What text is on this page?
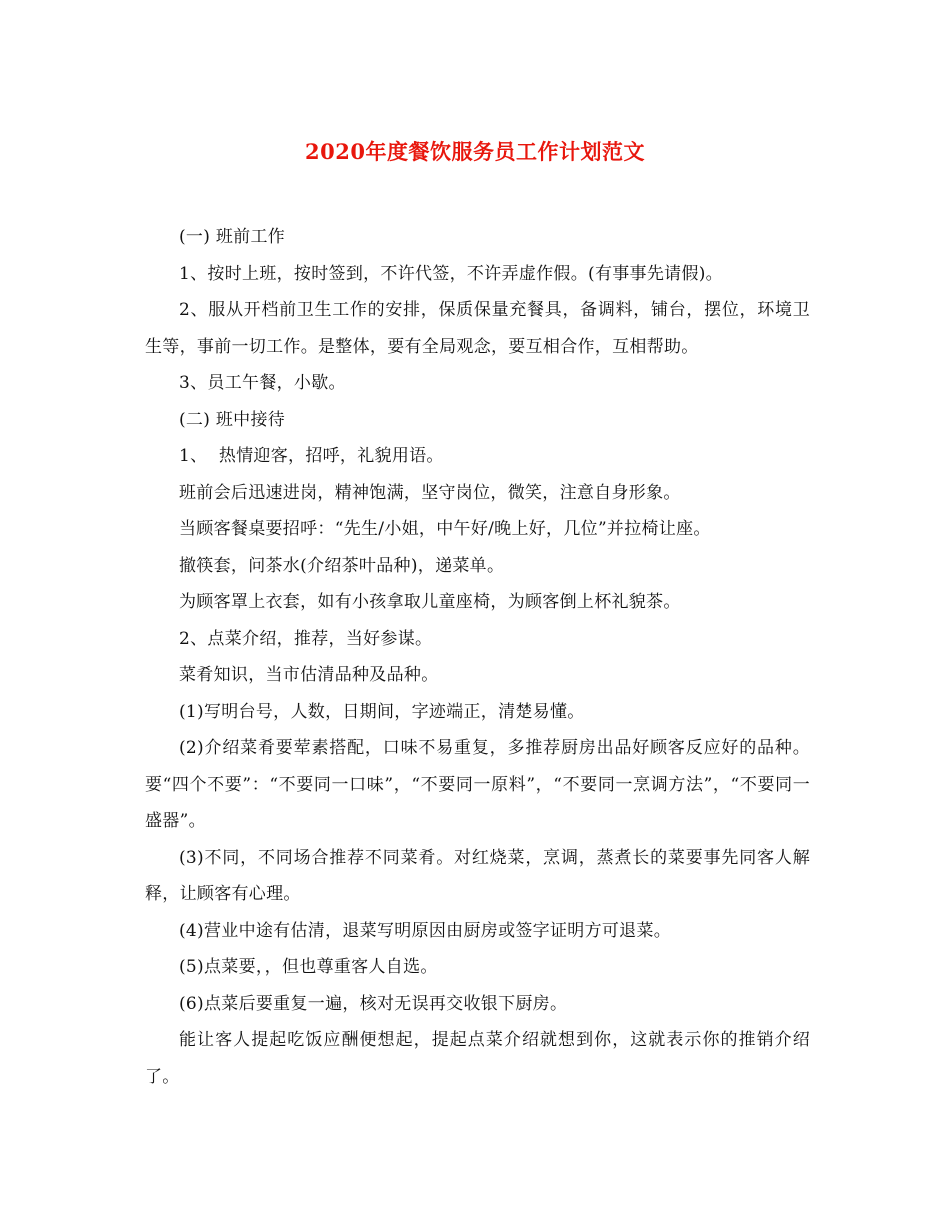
2020年度餐饮服务员工作计划范文

(一) 班前工作

1、按时上班，按时签到，不许代签，不许弄虚作假。(有事事先请假)。

2、服从开档前卫生工作的安排，保质保量充餐具，备调料，铺台，摆位，环境卫生等，事前一切工作。是整体，要有全局观念，要互相合作，互相帮助。

3、员工午餐，小歇。

(二) 班中接待

1、  热情迎客，招呼，礼貌用语。

班前会后迅速进岗，精神饱满，坚守岗位，微笑，注意自身形象。

当顾客餐桌要招呼：“先生/小姐，中午好/晚上好，几位”并拉椅让座。

撤筷套，问茶水(介绍茶叶品种)，递菜单。

为顾客罩上衣套，如有小孩拿取儿童座椅，为顾客倒上杯礼貌茶。

2、点菜介绍，推荐，当好参谋。

菜肴知识，当市估清品种及品种。

(1)写明台号，人数，日期间，字迹端正，清楚易懂。

(2)介绍菜肴要荤素搭配，口味不易重复，多推荐厨房出品好顾客反应好的品种。要“四个不要”：“不要同一口味”，“不要同一原料”，“不要同一烹调方法”，“不要同一盛器”。

(3)不同，不同场合推荐不同菜肴。对红烧菜，烹调，蒸煮长的菜要事先同客人解释，让顾客有心理。

(4)营业中途有估清，退菜写明原因由厨房或签字证明方可退菜。

(5)点菜要，，但也尊重客人自选。

(6)点菜后要重复一遍，核对无误再交收银下厨房。

能让客人提起吃饭应酬便想起，提起点菜介绍就想到你，这就表示你的推销介绍了。
